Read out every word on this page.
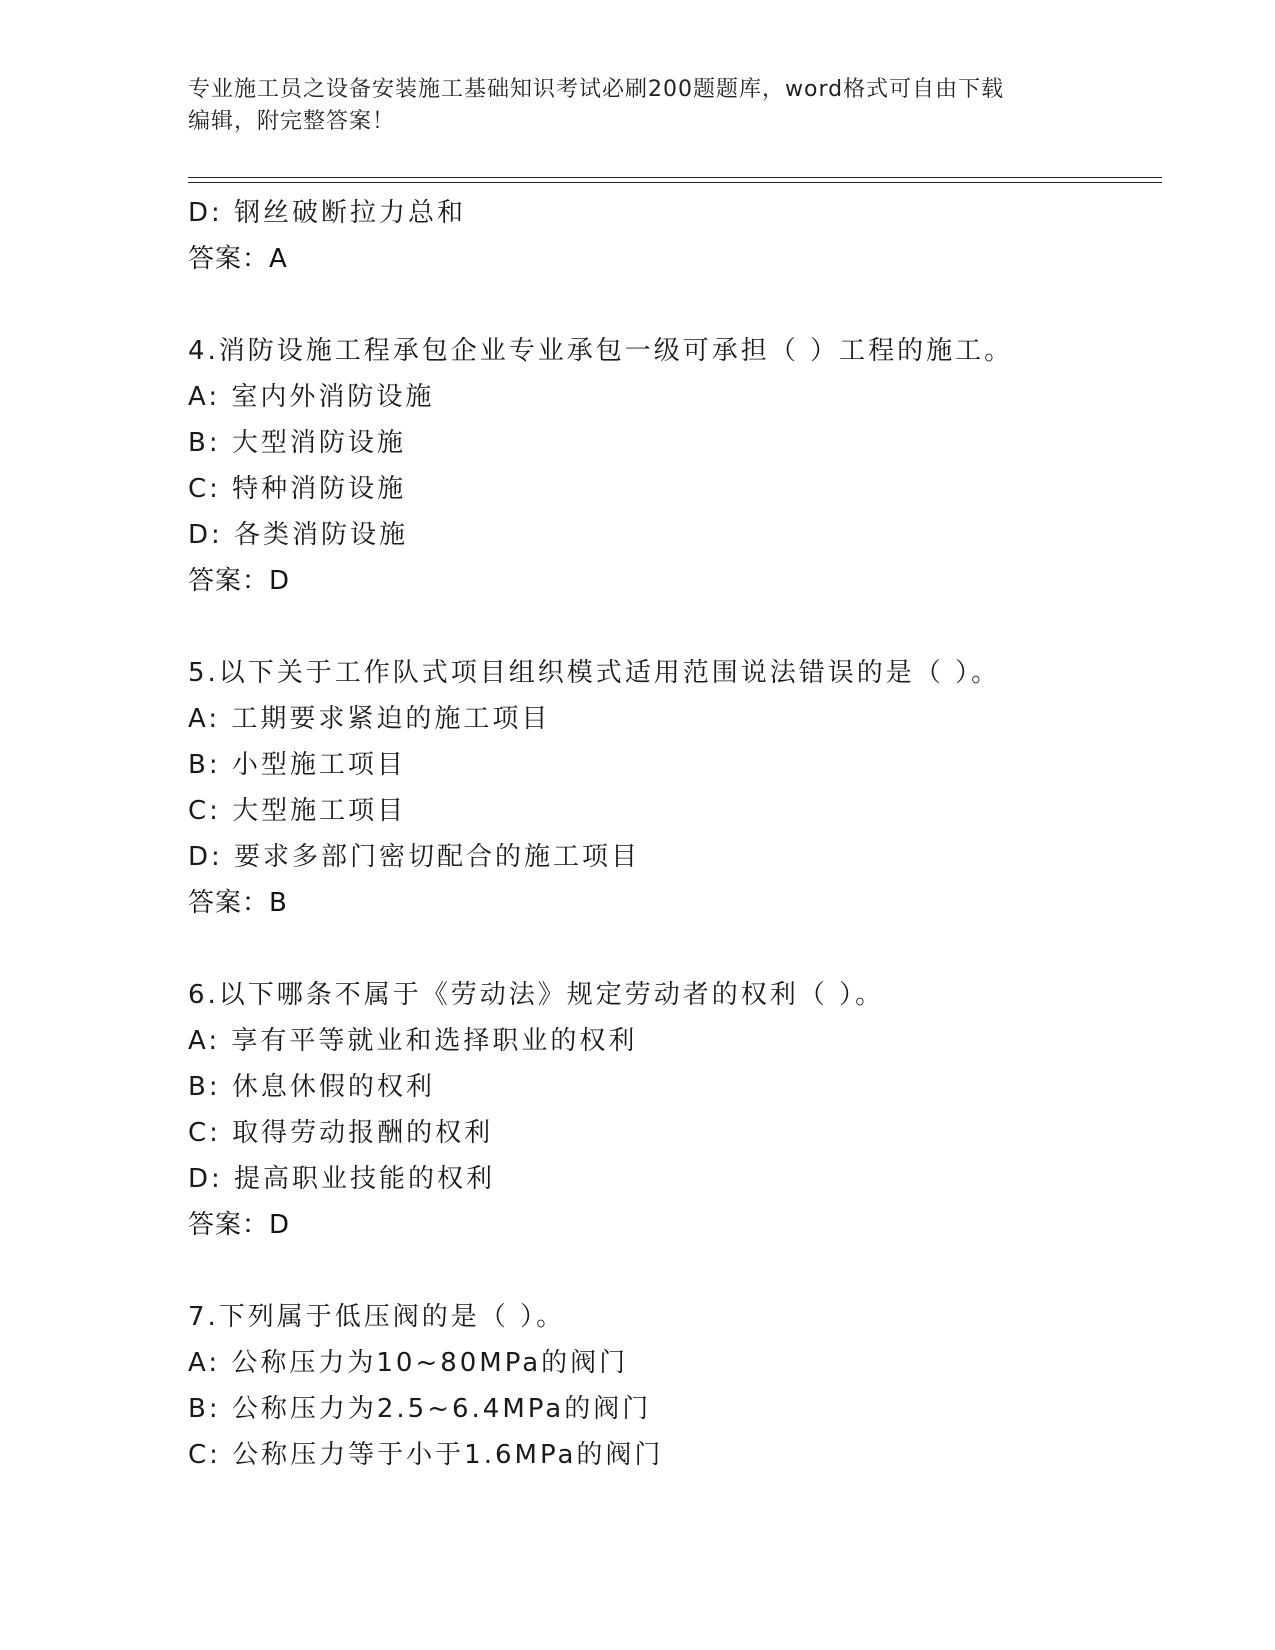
专业施工员之设备安装施工基础知识考试必刷200题题库，word格式可自由下载
编辑，附完整答案！
D: 钢丝破断拉力总和
答案：A
4.消防设施工程承包企业专业承包一级可承担（ ）工程的施工。
A: 室内外消防设施
B: 大型消防设施
C: 特种消防设施
D: 各类消防设施
答案：D
5.以下关于工作队式项目组织模式适用范围说法错误的是（ ）。
A: 工期要求紧迫的施工项目
B: 小型施工项目
C: 大型施工项目
D: 要求多部门密切配合的施工项目
答案：B
6.以下哪条不属于《劳动法》规定劳动者的权利（ ）。
A: 享有平等就业和选择职业的权利
B: 休息休假的权利
C: 取得劳动报酬的权利
D: 提高职业技能的权利
答案：D
7.下列属于低压阀的是（ ）。
A: 公称压力为10~80MPa的阀门
B: 公称压力为2.5~6.4MPa的阀门
C: 公称压力等于小于1.6MPa的阀门
